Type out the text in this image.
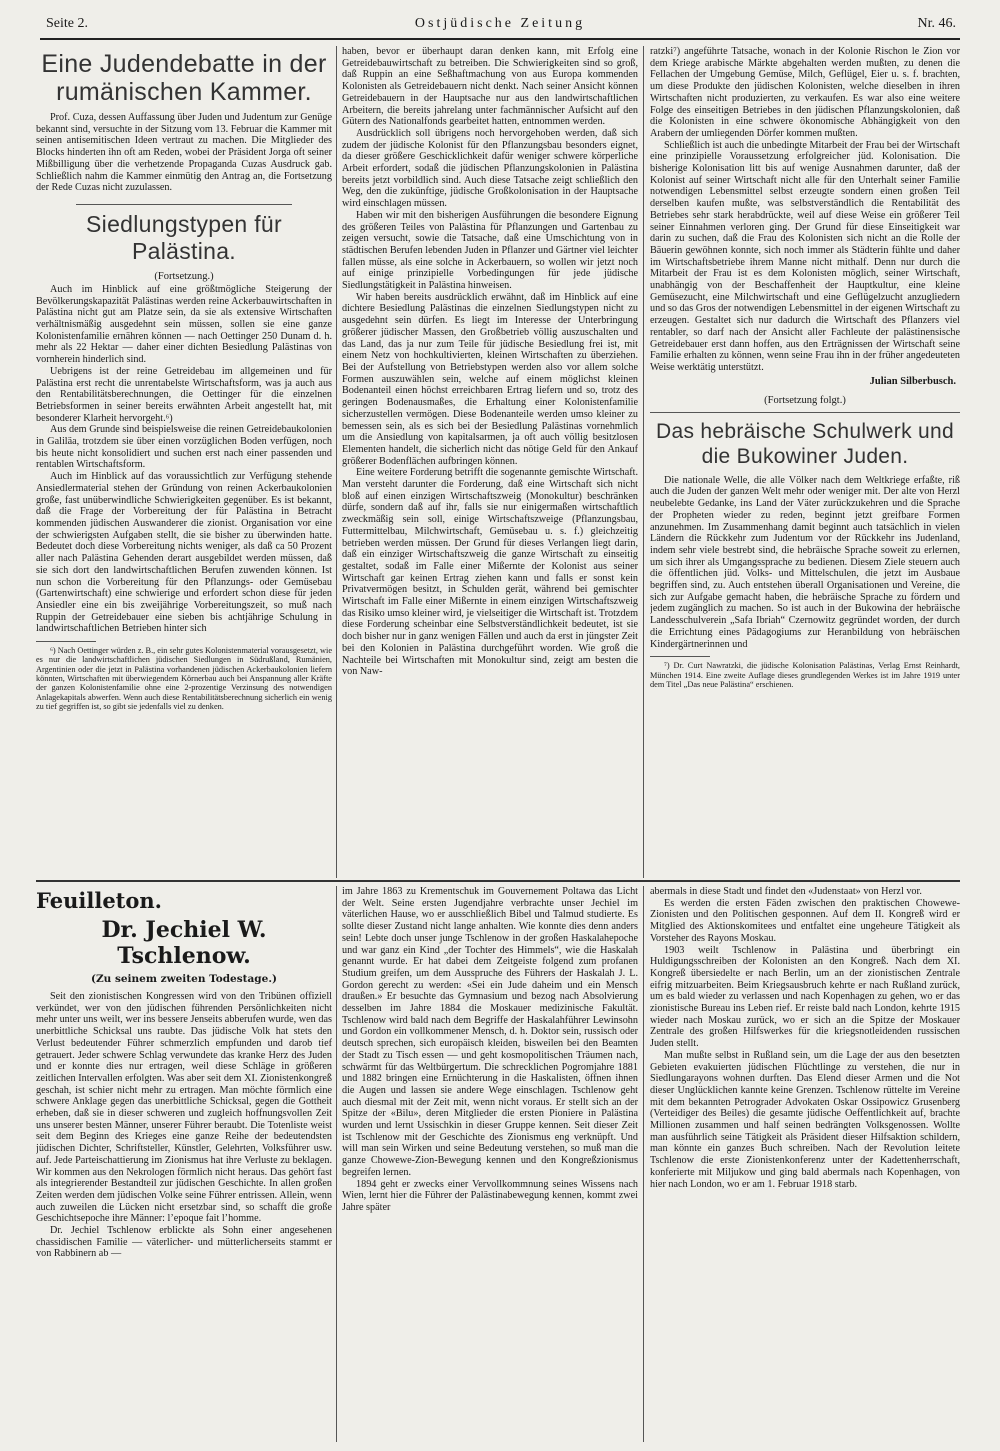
Seite 2.	Ostjüdische Zeitung	Nr. 46.
Eine Judendebatte in der rumänischen Kammer.

Prof. Cuza, dessen Auffassung über Juden und Judentum zur Genüge bekannt sind, versuchte in der Sitzung vom 13. Februar die Kammer mit seinen antisemitischen Ideen vertraut zu machen. Die Mitglieder des Blocks hinderten ihn oft am Reden, wobei der Präsident Jorga oft seiner Mißbilligung über die verhetzende Propaganda Cuzas Ausdruck gab. Schließlich nahm die Kammer einmütig den Antrag an, die Fortsetzung der Rede Cuzas nicht zuzulassen.

Siedlungstypen für Palästina.
(Fortsetzung.)

Auch im Hinblick auf eine größtmögliche Steigerung der Bevölkerungskapazität Palästinas werden reine Ackerbauwirtschaften in Palästina nicht gut am Platze sein, da sie als extensive Wirtschaften verhältnismäßig ausgedehnt sein müssen, sollen sie eine ganze Kolonistenfamilie ernähren können — nach Oettinger 250 Dunam d. h. mehr als 22 Hektar — daher einer dichten Besiedlung Palästinas von vornherein hinderlich sind.

Uebrigens ist der reine Getreidebau im allgemeinen und für Palästina erst recht die unrentabelste Wirtschaftsform, was ja auch aus den Rentabilitätsberechnungen, die Oettinger für die einzelnen Betriebsformen in seiner bereits erwähnten Arbeit angestellt hat, mit besonderer Klarheit hervorgeht.⁶)

Aus dem Grunde sind beispielsweise die reinen Getreidebaukolonien in Galiläa, trotzdem sie über einen vorzüglichen Boden verfügen, noch bis heute nicht konsolidiert und suchen erst nach einer passenden und rentablen Wirtschaftsform.

Auch im Hinblick auf das voraussichtlich zur Verfügung stehende Ansiedlermaterial stehen der Gründung von reinen Ackerbaukolonien große, fast unüberwindliche Schwierigkeiten gegenüber. Es ist bekannt, daß die Frage der Vorbereitung der für Palästina in Betracht kommenden jüdischen Auswanderer die zionist. Organisation vor eine der schwierigsten Aufgaben stellt, die sie bisher zu überwinden hatte. Bedeutet doch diese Vorbereitung nichts weniger, als daß ca 50 Prozent aller nach Palästina Gehenden derart ausgebildet werden müssen, daß sie sich dort den landwirtschaftlichen Berufen zuwenden können. Ist nun schon die Vorbereitung für den Pflanzungs- oder Gemüsebau (Gartenwirtschaft) eine schwierige und erfordert schon diese für jeden Ansiedler eine ein bis zweijährige Vorbereitungszeit, so muß nach Ruppin der Getreidebauer eine sieben bis achtjährige Schulung in landwirtschaftlichen Betrieben hinter sich

⁶) Nach Oettinger würden z. B., ein sehr gutes Kolonistenmaterial vorausgesetzt, wie es nur die landwirtschaftlichen jüdischen Siedlungen in Südrußland, Rumänien, Argentinien oder die jetzt in Palästina vorhandenen jüdischen Ackerbaukolonien liefern könnten, Wirtschaften mit überwiegendem Körnerbau auch bei Anspannung aller Kräfte der ganzen Kolonistenfamilie ohne eine 2-prozentige Verzinsung des notwendigen Anlagekapitals abwerfen. Wenn auch diese Rentabilitätsberechnung sicherlich ein wenig zu tief gegriffen ist, so gibt sie jedenfalls viel zu denken.

haben, bevor er überhaupt daran denken kann, mit Erfolg eine Getreidebauwirtschaft zu betreiben. Die Schwierigkeiten sind so groß, daß Ruppin an eine Seßhaftmachung von aus Europa kommenden Kolonisten als Getreidebauern nicht denkt. Nach seiner Ansicht können Getreidebauern in der Hauptsache nur aus den landwirtschaftlichen Arbeitern, die bereits jahrelang unter fachmännischer Aufsicht auf den Gütern des Nationalfonds gearbeitet hatten, entnommen werden.

Ausdrücklich soll übrigens noch hervorgehoben werden, daß sich zudem der jüdische Kolonist für den Pflanzungsbau besonders eignet, da dieser größere Geschicklichkeit dafür weniger schwere körperliche Arbeit erfordert, sodaß die jüdischen Pflanzungskolonien in Palästina bereits jetzt vorbildlich sind. Auch diese Tatsache zeigt schließlich den Weg, den die zukünftige, jüdische Großkolonisation in der Hauptsache wird einschlagen müssen.

Haben wir mit den bisherigen Ausführungen die besondere Eignung des größeren Teiles von Palästina für Pflanzungen und Gartenbau zu zeigen versucht, sowie die Tatsache, daß eine Umschichtung von in städtischen Berufen lebenden Juden in Pflanzer und Gärtner viel leichter fallen müsse, als eine solche in Ackerbauern, so wollen wir jetzt noch auf einige prinzipielle Vorbedingungen für jede jüdische Siedlungstätigkeit in Palästina hinweisen.

Wir haben bereits ausdrücklich erwähnt, daß im Hinblick auf eine dichtere Besiedlung Palästinas die einzelnen Siedlungstypen nicht zu ausgedehnt sein dürfen. Es liegt im Interesse der Unterbringung größerer jüdischer Massen, den Großbetrieb völlig auszuschalten und das Land, das ja nur zum Teile für jüdische Besiedlung frei ist, mit einem Netz von hochkultivierten, kleinen Wirtschaften zu überziehen. Bei der Aufstellung von Betriebstypen werden also vor allem solche Formen auszuwählen sein, welche auf einem möglichst kleinen Bodenanteil einen höchst erreichbaren Ertrag liefern und so, trotz des geringen Bodenausmaßes, die Erhaltung einer Kolonistenfamilie sicherzustellen vermögen. Diese Bodenanteile werden umso kleiner zu bemessen sein, als es sich bei der Besiedlung Palästinas vornehmlich um die Ansiedlung von kapitalsarmen, ja oft auch völlig besitzlosen Elementen handelt, die sicherlich nicht das nötige Geld für den Ankauf größerer Bodenflächen aufbringen können.

Eine weitere Forderung betrifft die sogenannte gemischte Wirtschaft. Man versteht darunter die Forderung, daß eine Wirtschaft sich nicht bloß auf einen einzigen Wirtschaftszweig (Monokultur) beschränken dürfe, sondern daß auf ihr, falls sie nur einigermaßen wirtschaftlich zweckmäßig sein soll, einige Wirtschaftszweige (Pflanzungsbau, Futtermittelbau, Milchwirtschaft, Gemüsebau u. s. f.) gleichzeitig betrieben werden müssen. Der Grund für dieses Verlangen liegt darin, daß ein einziger Wirtschaftszweig die ganze Wirtschaft zu einseitig gestaltet, sodaß im Falle einer Mißernte der Kolonist aus seiner Wirtschaft gar keinen Ertrag ziehen kann und falls er sonst kein Privatvermögen besitzt, in Schulden gerät, während bei gemischter Wirtschaft im Falle einer Mißernte in einem einzigen Wirtschaftszweig das Risiko umso kleiner wird, je vielseitiger die Wirtschaft ist. Trotzdem diese Forderung scheinbar eine Selbstverständlichkeit bedeutet, ist sie doch bisher nur in ganz wenigen Fällen und auch da erst in jüngster Zeit bei den Kolonien in Palästina durchgeführt worden. Wie groß die Nachteile bei Wirtschaften mit Monokultur sind, zeigt am besten die von Naw-

ratzki⁷) angeführte Tatsache, wonach in der Kolonie Rischon le Zion vor dem Kriege arabische Märkte abgehalten werden mußten, zu denen die Fellachen der Umgebung Gemüse, Milch, Geflügel, Eier u. s. f. brachten, um diese Produkte den jüdischen Kolonisten, welche dieselben in ihren Wirtschaften nicht produzierten, zu verkaufen. Es war also eine weitere Folge des einseitigen Betriebes in den jüdischen Pflanzungskolonien, daß die Kolonisten in eine schwere ökonomische Abhängigkeit von den Arabern der umliegenden Dörfer kommen mußten.

Schließlich ist auch die unbedingte Mitarbeit der Frau bei der Wirtschaft eine prinzipielle Voraussetzung erfolgreicher jüd. Kolonisation. Die bisherige Kolonisation litt bis auf wenige Ausnahmen darunter, daß der Kolonist auf seiner Wirtschaft nicht alle für den Unterhalt seiner Familie notwendigen Lebensmittel selbst erzeugte sondern einen großen Teil derselben kaufen mußte, was selbstverständlich die Rentabilität des Betriebes sehr stark herabdrückte, weil auf diese Weise ein größerer Teil seiner Einnahmen verloren ging. Der Grund für diese Einseitigkeit war darin zu suchen, daß die Frau des Kolonisten sich nicht an die Rolle der Bäuerin gewöhnen konnte, sich noch immer als Städterin fühlte und daher im Wirtschaftsbetriebe ihrem Manne nicht mithalf. Denn nur durch die Mitarbeit der Frau ist es dem Kolonisten möglich, seiner Wirtschaft, unabhängig von der Beschaffenheit der Hauptkultur, eine kleine Gemüsezucht, eine Milchwirtschaft und eine Geflügelzucht anzugliedern und so das Gros der notwendigen Lebensmittel in der eigenen Wirtschaft zu erzeugen. Gestaltet sich nur dadurch die Wirtschaft des Pflanzers viel rentabler, so darf nach der Ansicht aller Fachleute der palästinensische Getreidebauer erst dann hoffen, aus den Erträgnissen der Wirtschaft seine Familie erhalten zu können, wenn seine Frau ihn in der früher angedeuteten Weise werktätig unterstützt.

Julian Silberbusch.
(Fortsetzung folgt.)
Das hebräische Schulwerk und die Bukowiner Juden.

Die nationale Welle, die alle Völker nach dem Weltkriege erfaßte, riß auch die Juden der ganzen Welt mehr oder weniger mit. Der alte von Herzl neubelebte Gedanke, ins Land der Väter zurückzukehren und die Sprache der Propheten wieder zu reden, beginnt jetzt greifbare Formen anzunehmen. Im Zusammenhang damit beginnt auch tatsächlich in vielen Ländern die Rückkehr zum Judentum vor der Rückkehr ins Judenland, indem sehr viele bestrebt sind, die hebräische Sprache soweit zu erlernen, um sich ihrer als Umgangssprache zu bedienen. Diesem Ziele steuern auch die öffentlichen jüd. Volks- und Mittelschulen, die jetzt im Ausbaue begriffen sind, zu. Auch entstehen überall Organisationen und Vereine, die sich zur Aufgabe gemacht haben, die hebräische Sprache zu fördern und jedem zugänglich zu machen. So ist auch in der Bukowina der hebräische Landesschulverein „Safa Ibriah“ Czernowitz gegründet worden, der durch die Errichtung eines Pädagogiums zur Heranbildung von hebräischen Kindergärtnerinnen und

⁷) Dr. Curt Nawratzki, die jüdische Kolonisation Palästinas, Verlag Ernst Reinhardt, München 1914. Eine zweite Auflage dieses grundlegenden Werkes ist im Jahre 1919 unter dem Titel „Das neue Palästina“ erschienen.

Feuilleton.
Dr. Jechiel W. Tschlenow.
(Zu seinem zweiten Todestage.)

Seit den zionistischen Kongressen wird von den Tribünen offiziell verkündet, wer von den jüdischen führenden Persönlichkeiten nicht mehr unter uns weilt, wer ins bessere Jenseits abberufen wurde, wen das unerbittliche Schicksal uns raubte. Das jüdische Volk hat stets den Verlust bedeutender Führer schmerzlich empfunden und darob tief getrauert. Jeder schwere Schlag verwundete das kranke Herz des Juden und er konnte dies nur ertragen, weil diese Schläge in größeren zeitlichen Intervallen erfolgten. Was aber seit dem XI. Zionistenkongreß geschah, ist schier nicht mehr zu ertragen. Man möchte förmlich eine schwere Anklage gegen das unerbittliche Schicksal, gegen die Gottheit erheben, daß sie in dieser schweren und zugleich hoffnungsvollen Zeit uns unserer besten Männer, unserer Führer beraubt. Die Totenliste weist seit dem Beginn des Krieges eine ganze Reihe der bedeutendsten jüdischen Dichter, Schriftsteller, Künstler, Gelehrten, Volksführer usw. auf. Jede Parteischattierung im Zionismus hat ihre Verluste zu beklagen. Wir kommen aus den Nekrologen förmlich nicht heraus. Das gehört fast als integrierender Bestandteil zur jüdischen Geschichte. In allen großen Zeiten werden dem jüdischen Volke seine Führer entrissen. Allein, wenn auch zuweilen die Lücken nicht ersetzbar sind, so schafft die große Geschichtsepoche ihre Männer: l’epoque fait l’homme.

Dr. Jechiel Tschlenow erblickte als Sohn einer angesehenen chassidischen Familie — väterlicher- und mütterlicherseits stammt er von Rabbinern ab —

im Jahre 1863 zu Krementschuk im Gouvernement Poltawa das Licht der Welt. Seine ersten Jugendjahre verbrachte unser Jechiel im väterlichen Hause, wo er ausschließlich Bibel und Talmud studierte. Es sollte dieser Zustand nicht lange anhalten. Wie konnte dies denn anders sein! Lebte doch unser junge Tschlenow in der großen Haskalahepoche und war ganz ein Kind „der Tochter des Himmels“, wie die Haskalah genannt wurde. Er hat dabei dem Zeitgeiste folgend zum profanen Studium greifen, um dem Ausspruche des Führers der Haskalah J. L. Gordon gerecht zu werden: «Sei ein Jude daheim und ein Mensch draußen.» Er besuchte das Gymnasium und bezog nach Absolvierung desselben im Jahre 1884 die Moskauer medizinische Fakultät. Tschlenow wird bald nach dem Begriffe der Haskalahführer Lewinsohn und Gordon ein vollkommener Mensch, d. h. Doktor sein, russisch oder deutsch sprechen, sich europäisch kleiden, bisweilen bei den Beamten der Stadt zu Tisch essen — und geht kosmopolitischen Träumen nach, schwärmt für das Weltbürgertum. Die schrecklichen Pogromjahre 1881 und 1882 bringen eine Ernüchterung in die Haskalisten, öffnen ihnen die Augen und lassen sie andere Wege einschlagen. Tschlenow geht auch diesmal mit der Zeit mit, wenn nicht voraus. Er stellt sich an der Spitze der «Bilu», deren Mitglieder die ersten Pioniere in Palästina wurden und lernt Ussischkin in dieser Gruppe kennen. Seit dieser Zeit ist Tschlenow mit der Geschichte des Zionismus eng verknüpft. Und will man sein Wirken und seine Bedeutung verstehen, so muß man die ganze Chowewe-Zion-Bewegung kennen und den Kongreßzionismus begreifen lernen.

1894 geht er zwecks einer Vervollkommnung seines Wissens nach Wien, lernt hier die Führer der Palästinabewegung kennen, kommt zwei Jahre später

abermals in diese Stadt und findet den «Judenstaat» von Herzl vor.

Es werden die ersten Fäden zwischen den praktischen Chowewe-Zionisten und den Politischen gesponnen. Auf dem II. Kongreß wird er Mitglied des Aktionskomitees und entfaltet eine ungeheure Tätigkeit als Vorsteher des Rayons Moskau.

1903 weilt Tschlenow in Palästina und überbringt ein Huldigungsschreiben der Kolonisten an den Kongreß. Nach dem XI. Kongreß übersiedelte er nach Berlin, um an der zionistischen Zentrale eifrig mitzuarbeiten. Beim Kriegsausbruch kehrte er nach Rußland zurück, um es bald wieder zu verlassen und nach Kopenhagen zu gehen, wo er das zionistische Bureau ins Leben rief. Er reiste bald nach London, kehrte 1915 wieder nach Moskau zurück, wo er sich an die Spitze der Moskauer Zentrale des großen Hilfswerkes für die kriegsnotleidenden russischen Juden stellt.

Man mußte selbst in Rußland sein, um die Lage der aus den besetzten Gebieten evakuierten jüdischen Flüchtlinge zu verstehen, die nur in Siedlungarayons wohnen durften. Das Elend dieser Armen und die Not dieser Unglücklichen kannte keine Grenzen. Tschlenow rüttelte im Vereine mit dem bekannten Petrograder Advokaten Oskar Ossipowicz Grusenberg (Verteidiger des Beiles) die gesamte jüdische Oeffentlichkeit auf, brachte Millionen zusammen und half seinen bedrängten Volksgenossen. Wollte man ausführlich seine Tätigkeit als Präsident dieser Hilfsaktion schildern, man könnte ein ganzes Buch schreiben. Nach der Revolution leitete Tschlenow die erste Zionistenkonferenz unter der Kadettenherrschaft, konferierte mit Miljukow und ging bald abermals nach Kopenhagen, von hier nach London, wo er am 1. Februar 1918 starb.
